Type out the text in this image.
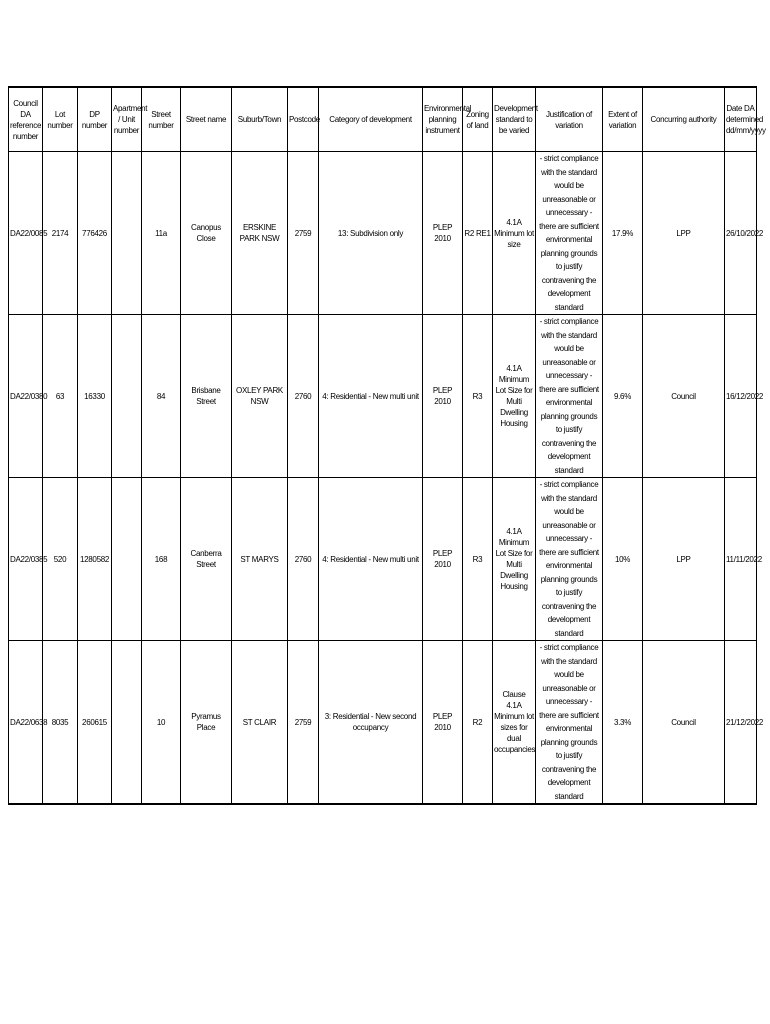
Council DA reference number	Lot number	DP number	Apartment / Unit number	Street number	Street name	Suburb/Town	Postcode	Category of development	Environmental planning instrument	Zoning of land	Development standard to be varied	Justification of variation	Extent of variation	Concurring authority	Date DA determined dd/mm/yyyy
DA22/0085	2174	776426		11a	Canopus Close	ERSKINE PARK NSW	2759	13: Subdivision only	PLEP 2010	R2 RE1	4.1A Minimum lot size	- strict compliance with the standard would be unreasonable or unnecessary - there are sufficient environmental planning grounds to justify contravening the development standard	17.9%	LPP	26/10/2022
DA22/0380	63	16330		84	Brisbane Street	OXLEY PARK NSW	2760	4: Residential - New multi unit	PLEP 2010	R3	4.1A Minimum Lot Size for Multi Dwelling Housing	- strict compliance with the standard would be unreasonable or unnecessary - there are sufficient environmental planning grounds to justify contravening the development standard	9.6%	Council	16/12/2022
DA22/0385	520	1280582		168	Canberra Street	ST MARYS	2760	4: Residential - New multi unit	PLEP 2010	R3	4.1A Minimum Lot Size for Multi Dwelling Housing	- strict compliance with the standard would be unreasonable or unnecessary - there are sufficient environmental planning grounds to justify contravening the development standard	10%	LPP	11/11/2022
DA22/0638	8035	260615		10	Pyramus Place	ST CLAIR	2759	3: Residential - New second occupancy	PLEP 2010	R2	Clause 4.1A Minimum lot sizes for dual occupancies	- strict compliance with the standard would be unreasonable or unnecessary - there are sufficient environmental planning grounds to justify contravening the development standard	3.3%	Council	21/12/2022
